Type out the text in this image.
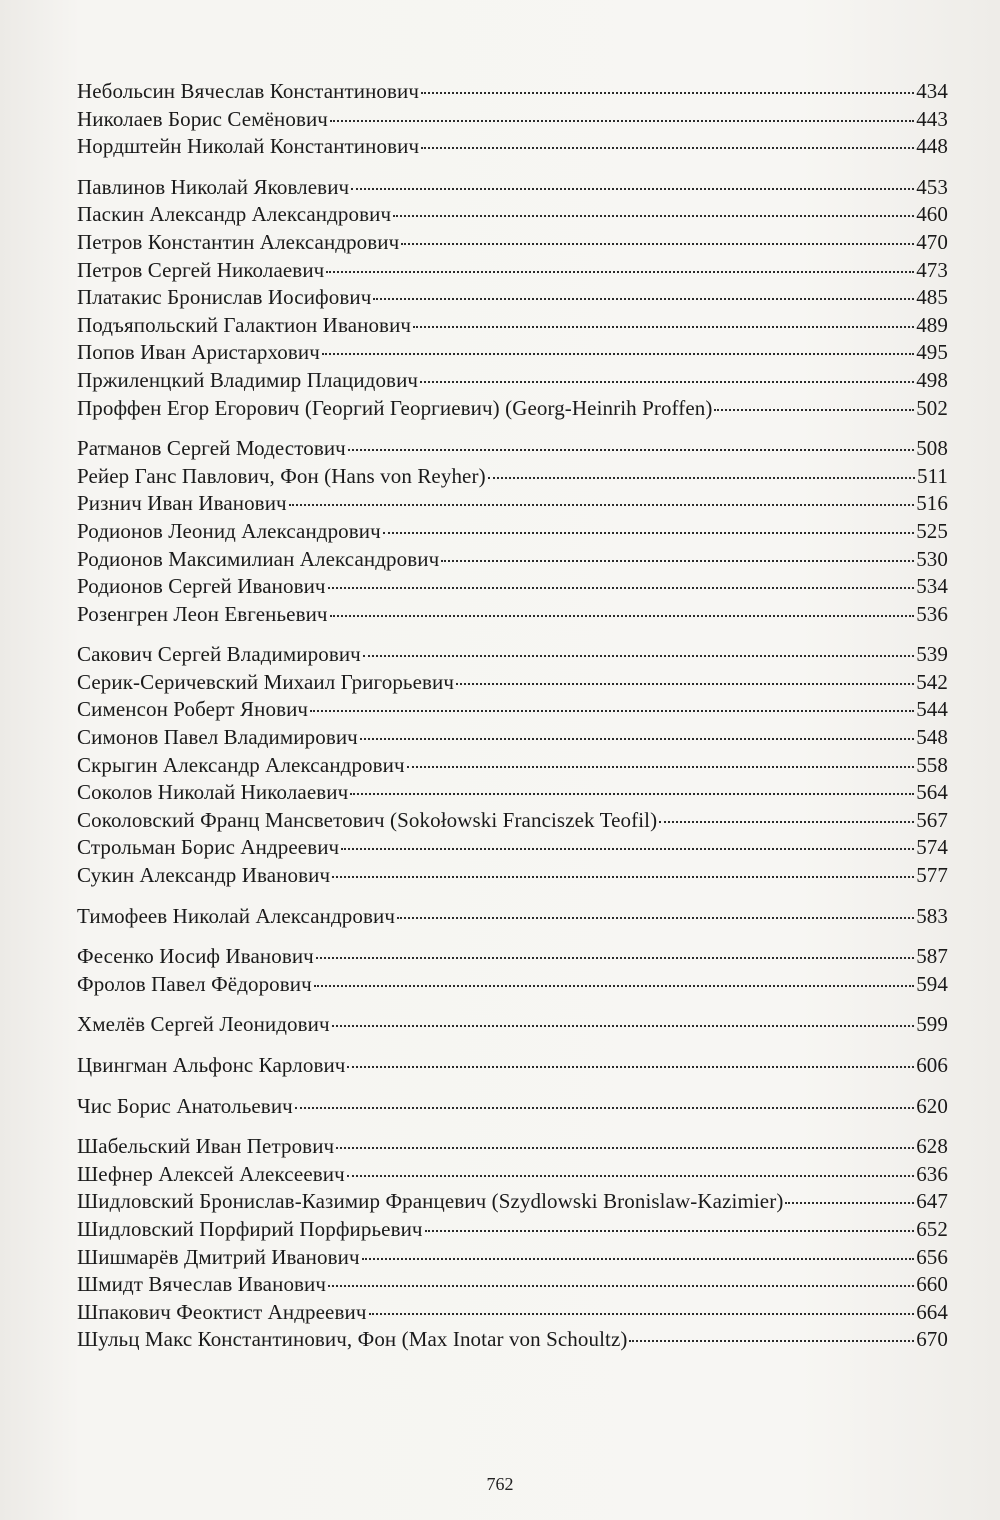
Небольсин Вячеслав Константинович	434
Николаев Борис Семёнович	443
Нордштейн Николай Константинович	448
Павлинов Николай Яковлевич	453
Паскин Александр Александрович	460
Петров Константин Александрович	470
Петров Сергей Николаевич	473
Платакис Бронислав Иосифович	485
Подъяпольский Галактион Иванович	489
Попов Иван Аристархович	495
Пржиленцкий Владимир Плацидович	498
Проффен Егор Егорович (Георгий Георгиевич) (Georg-Heinrih Proffen)	502
Ратманов Сергей Модестович	508
Рейер Ганс Павлович, Фон (Hans von Reyher)	511
Ризнич Иван Иванович	516
Родионов Леонид Александрович	525
Родионов Максимилиан Александрович	530
Родионов Сергей Иванович	534
Розенгрен Леон Евгеньевич	536
Сакович Сергей Владимирович	539
Серик-Серичевский Михаил Григорьевич	542
Сименсон Роберт Янович	544
Симонов Павел Владимирович	548
Скрыгин Александр Александрович	558
Соколов Николай Николаевич	564
Соколовский Франц Мансветович (Sokołowski Franciszek Teofil)	567
Строльман Борис Андреевич	574
Сукин Александр Иванович	577
Тимофеев Николай Александрович	583
Фесенко Иосиф Иванович	587
Фролов Павел Фёдорович	594
Хмелёв Сергей Леонидович	599
Цвингман Альфонс Карлович	606
Чис Борис Анатольевич	620
Шабельский Иван Петрович	628
Шефнер Алексей Алексеевич	636
Шидловский Бронислав-Казимир Францевич (Szydlowski Bronislaw-Kazimier)	647
Шидловский Порфирий Порфирьевич	652
Шишмарёв Дмитрий Иванович	656
Шмидт Вячеслав Иванович	660
Шпакович Феоктист Андреевич	664
Шульц Макс Константинович, Фон (Max Inotar von Schoultz)	670
762
